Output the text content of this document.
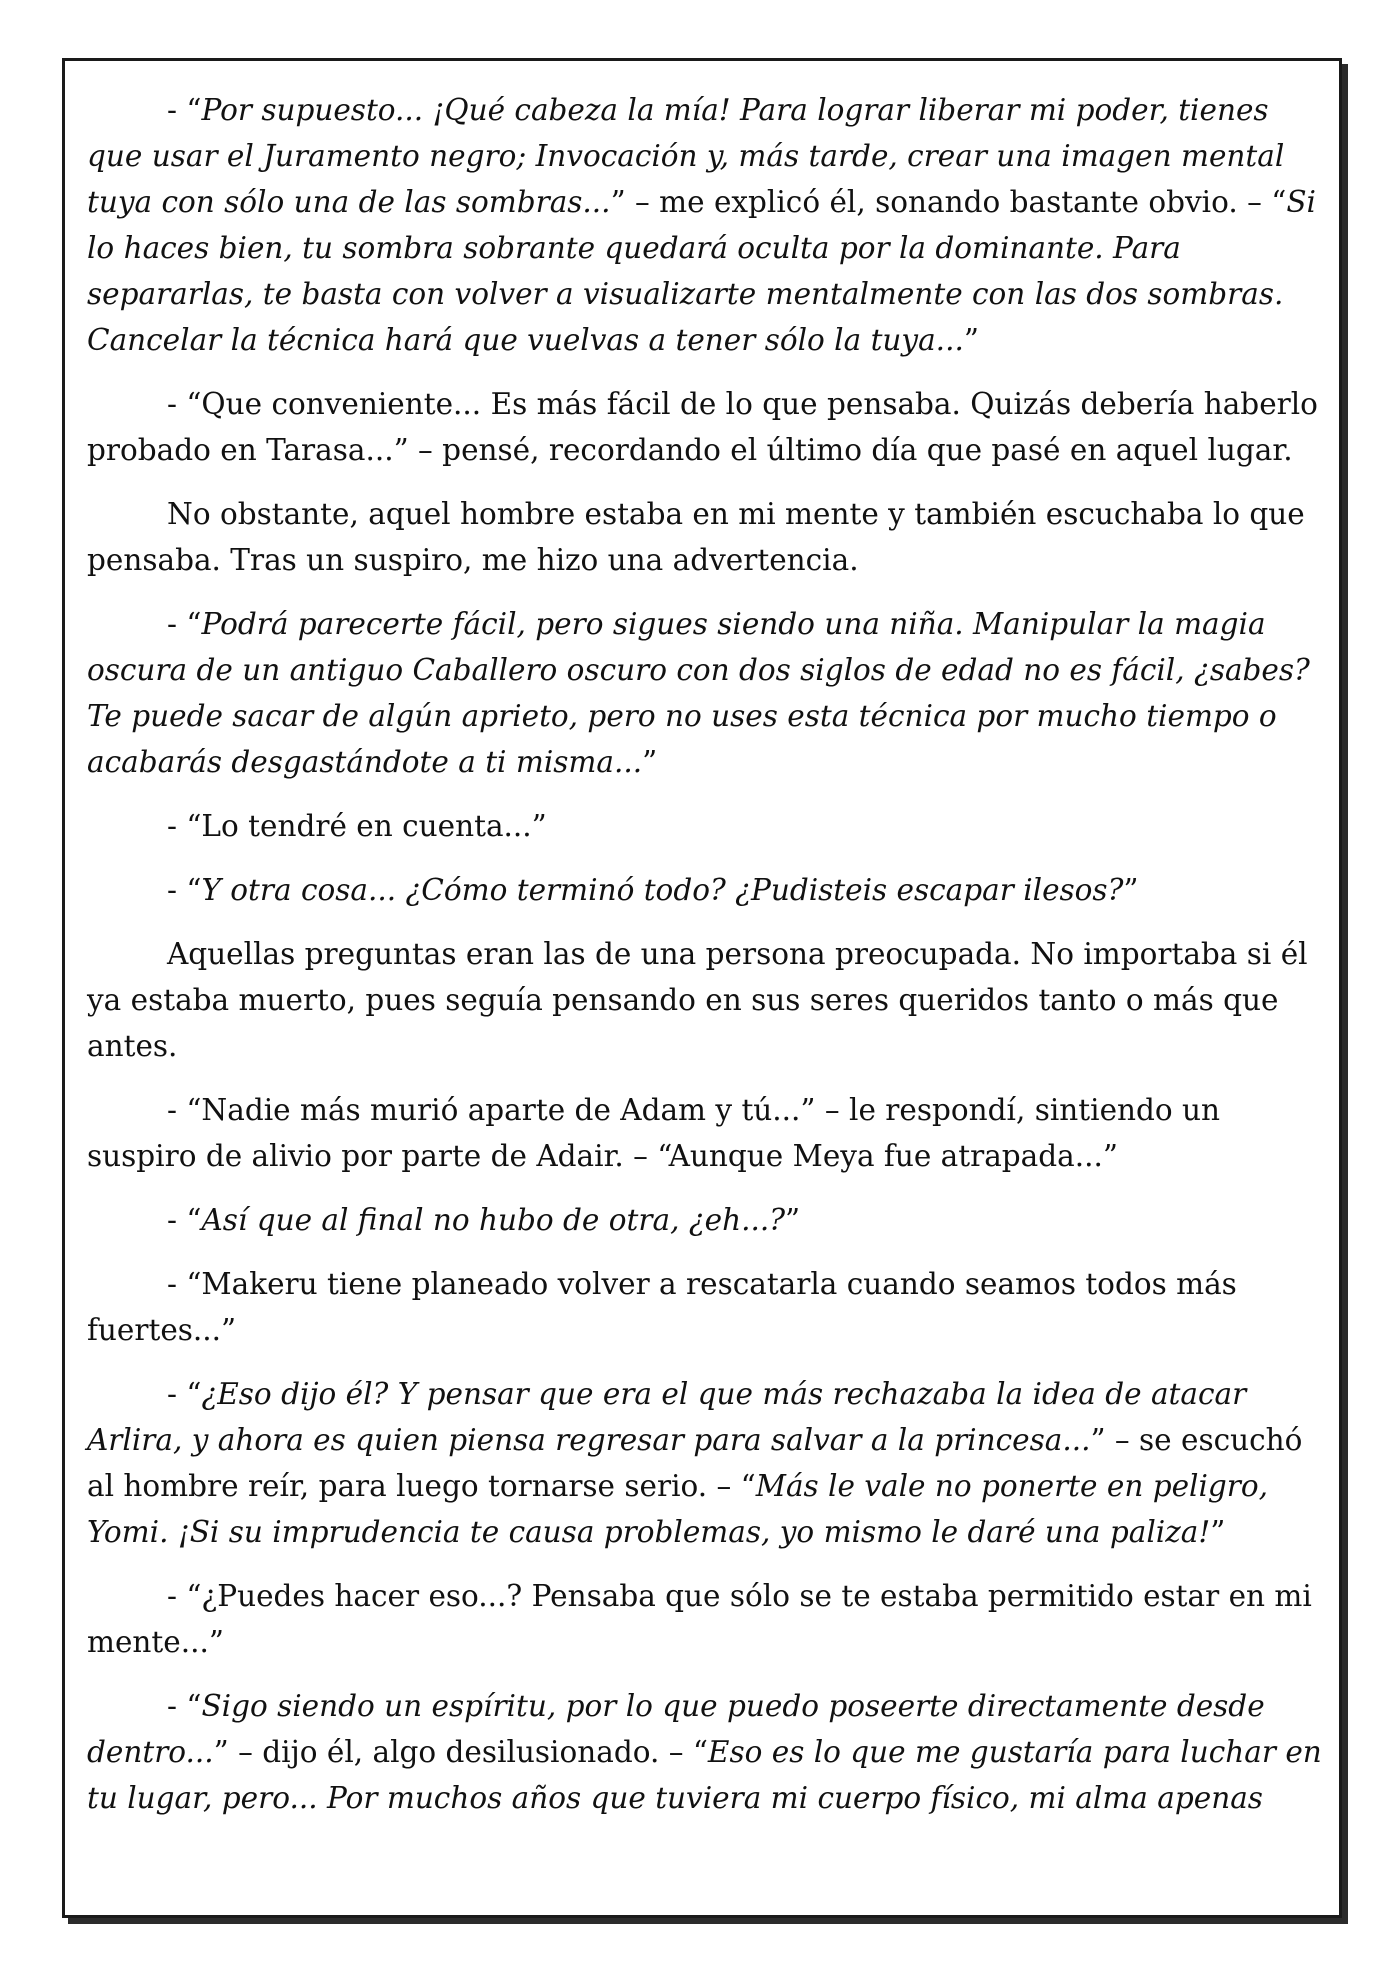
- “Por supuesto... ¡Qué cabeza la mía! Para lograr liberar mi poder, tienes que usar el Juramento negro; Invocación y, más tarde, crear una imagen mental tuya con sólo una de las sombras...” – me explicó él, sonando bastante obvio. – “Si lo haces bien, tu sombra sobrante quedará oculta por la dominante. Para separarlas, te basta con volver a visualizarte mentalmente con las dos sombras. Cancelar la técnica hará que vuelvas a tener sólo la tuya...”

- “Que conveniente... Es más fácil de lo que pensaba. Quizás debería haberlo probado en Tarasa...” – pensé, recordando el último día que pasé en aquel lugar.

No obstante, aquel hombre estaba en mi mente y también escuchaba lo que pensaba. Tras un suspiro, me hizo una advertencia.

- “Podrá parecerte fácil, pero sigues siendo una niña. Manipular la magia oscura de un antiguo Caballero oscuro con dos siglos de edad no es fácil, ¿sabes? Te puede sacar de algún aprieto, pero no uses esta técnica por mucho tiempo o acabarás desgastándote a ti misma...”

- “Lo tendré en cuenta...”

- “Y otra cosa... ¿Cómo terminó todo? ¿Pudisteis escapar ilesos?”

Aquellas preguntas eran las de una persona preocupada. No importaba si él ya estaba muerto, pues seguía pensando en sus seres queridos tanto o más que antes.

- “Nadie más murió aparte de Adam y tú...” – le respondí, sintiendo un suspiro de alivio por parte de Adair. – “Aunque Meya fue atrapada...”

- “Así que al final no hubo de otra, ¿eh...?”

- “Makeru tiene planeado volver a rescatarla cuando seamos todos más fuertes...”

- “¿Eso dijo él? Y pensar que era el que más rechazaba la idea de atacar Arlira, y ahora es quien piensa regresar para salvar a la princesa...” – se escuchó al hombre reír, para luego tornarse serio. – “Más le vale no ponerte en peligro, Yomi. ¡Si su imprudencia te causa problemas, yo mismo le daré una paliza!”

- “¿Puedes hacer eso...? Pensaba que sólo se te estaba permitido estar en mi mente...”

- “Sigo siendo un espíritu, por lo que puedo poseerte directamente desde dentro...” – dijo él, algo desilusionado. – “Eso es lo que me gustaría para luchar en tu lugar, pero... Por muchos años que tuviera mi cuerpo físico, mi alma apenas
